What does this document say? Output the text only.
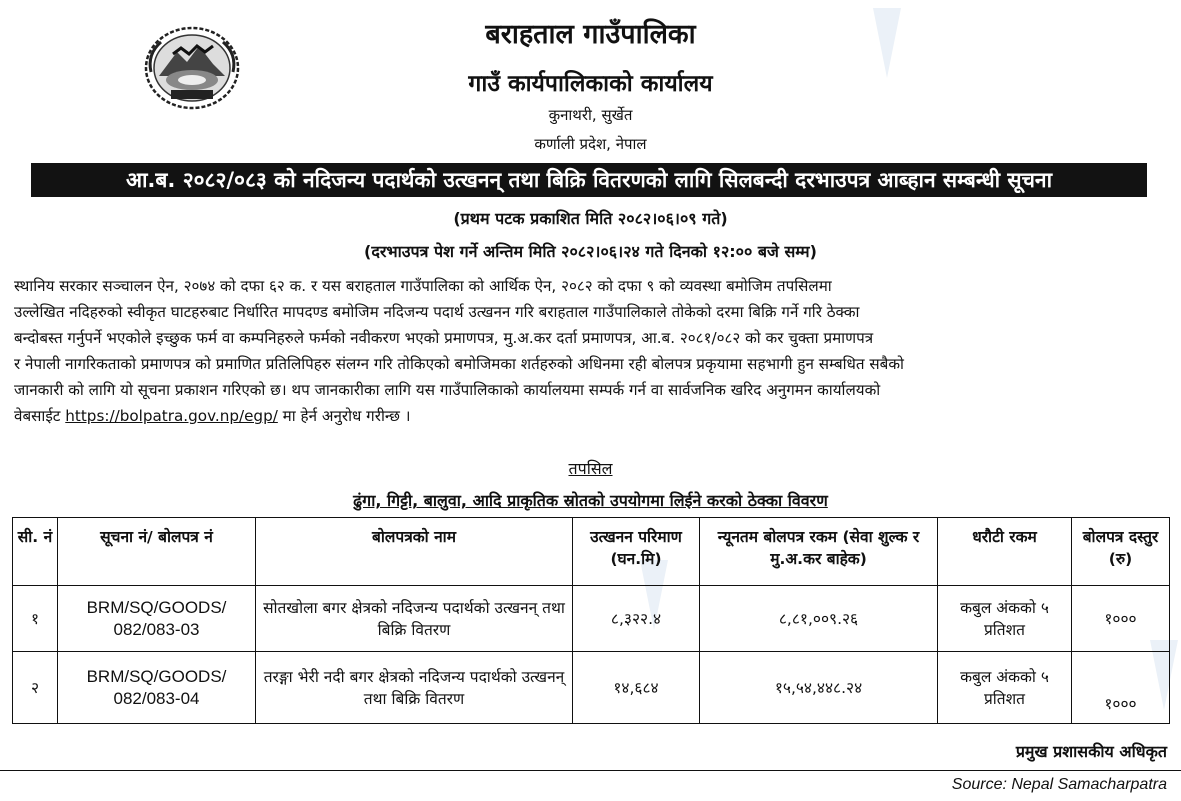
बराहताल गाउँपालिका
गाउँ कार्यपालिकाको कार्यालय
कुनाथरी, सुर्खेत
कर्णाली प्रदेश, नेपाल
आ.ब. २०८२/०८३ को नदिजन्य पदार्थको उत्खनन् तथा बिक्रि वितरणको लागि सिलबन्दी दरभाउपत्र आब्हान सम्बन्धी सूचना
(प्रथम पटक प्रकाशित मिति २०८२।०६।०९ गते)
(दरभाउपत्र पेश गर्ने अन्तिम मिति २०८२।०६।२४ गते दिनको १२:०० बजे सम्म)
स्थानिय सरकार सञ्चालन ऐन, २०७४ को दफा ६२ क. र यस बराहताल गाउँपालिका को आर्थिक ऐन, २०८२ को दफा ९ को व्यवस्था बमोजिम तपसिलमा
उल्लेखित नदिहरुको स्वीकृत घाटहरुबाट निर्धारित मापदण्ड बमोजिम नदिजन्य पदार्थ उत्खनन गरि बराहताल गाउँपालिकाले तोकेको दरमा बिक्रि गर्ने गरि ठेक्का
बन्दोबस्त गर्नुपर्ने भएकोले इच्छुक फर्म वा कम्पनिहरुले फर्मको नवीकरण भएको प्रमाणपत्र, मु.अ.कर दर्ता प्रमाणपत्र, आ.ब. २०८१/०८२ को कर चुक्ता प्रमाणपत्र
र नेपाली नागरिकताको प्रमाणपत्र को प्रमाणित प्रतिलिपिहरु संलग्न गरि तोकिएको बमोजिमका शर्तहरुको अधिनमा रही बोलपत्र प्रकृयामा सहभागी हुन सम्बधित सबैको
जानकारी को लागि यो सूचना प्रकाशन गरिएको छ। थप जानकारीका लागि यस गाउँपालिकाको कार्यालयमा सम्पर्क गर्न वा सार्वजनिक खरिद अनुगमन कार्यालयको
वेबसाईट https://bolpatra.gov.np/egp/ मा हेर्न अनुरोध गरीन्छ ।
तपसिल
ढुंगा, गिट्टी, बालुवा, आदि प्राकृतिक स्रोतको उपयोगमा लिईने करको ठेक्का विवरण
सी. नं	सूचना नं/ बोलपत्र नं	बोलपत्रको नाम	उत्खनन परिमाण (घन.मि)	न्यूनतम बोलपत्र रकम (सेवा शुल्क र मु.अ.कर बाहेक)	धरौटी रकम	बोलपत्र दस्तुर (रु)
१	BRM/SQ/GOODS/ 082/083-03	सोतखोला बगर क्षेत्रको नदिजन्य पदार्थको उत्खनन् तथा बिक्रि वितरण	८,३२२.४	८,८१,००९.२६	कबुल अंकको ५ प्रतिशत	१०००
२	BRM/SQ/GOODS/ 082/083-04	तरङ्गा भेरी नदी बगर क्षेत्रको नदिजन्य पदार्थको उत्खनन् तथा बिक्रि वितरण	१४,६८४	१५,५४,४४८.२४	कबुल अंकको ५ प्रतिशत	१०००
प्रमुख प्रशासकीय अधिकृत
Source: Nepal Samacharpatra
